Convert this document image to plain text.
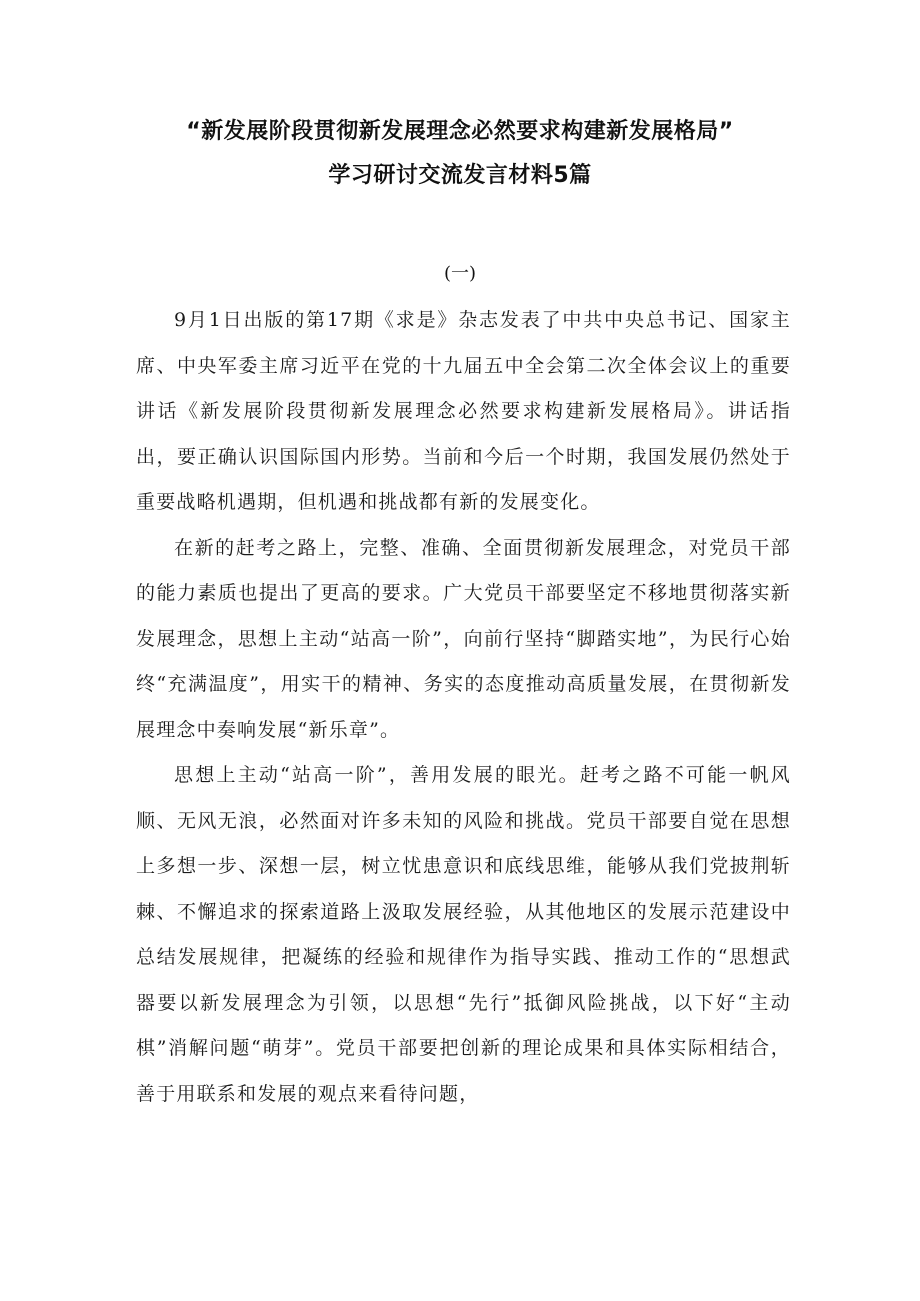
“新发展阶段贯彻新发展理念必然要求构建新发展格局”
学习研讨交流发言材料5篇
(一)

9月1日出版的第17期《求是》杂志发表了中共中央总书记、国家主席、中央军委主席习近平在党的十九届五中全会第二次全体会议上的重要讲话《新发展阶段贯彻新发展理念必然要求构建新发展格局》。讲话指出，要正确认识国际国内形势。当前和今后一个时期，我国发展仍然处于重要战略机遇期，但机遇和挑战都有新的发展变化。

在新的赶考之路上，完整、准确、全面贯彻新发展理念，对党员干部的能力素质也提出了更高的要求。广大党员干部要坚定不移地贯彻落实新发展理念，思想上主动“站高一阶”，向前行坚持“脚踏实地”，为民行心始终“充满温度”，用实干的精神、务实的态度推动高质量发展，在贯彻新发展理念中奏响发展“新乐章”。

思想上主动“站高一阶”，善用发展的眼光。赶考之路不可能一帆风顺、无风无浪，必然面对许多未知的风险和挑战。党员干部要自觉在思想上多想一步、深想一层，树立忧患意识和底线思维，能够从我们党披荆斩棘、不懈追求的探索道路上汲取发展经验，从其他地区的发展示范建设中总结发展规律，把凝练的经验和规律作为指导实践、推动工作的“思想武器要以新发展理念为引领，以思想“先行”抵御风险挑战，以下好“主动棋”消解问题“萌芽”。党员干部要把创新的理论成果和具体实际相结合，善于用联系和发展的观点来看待问题，
